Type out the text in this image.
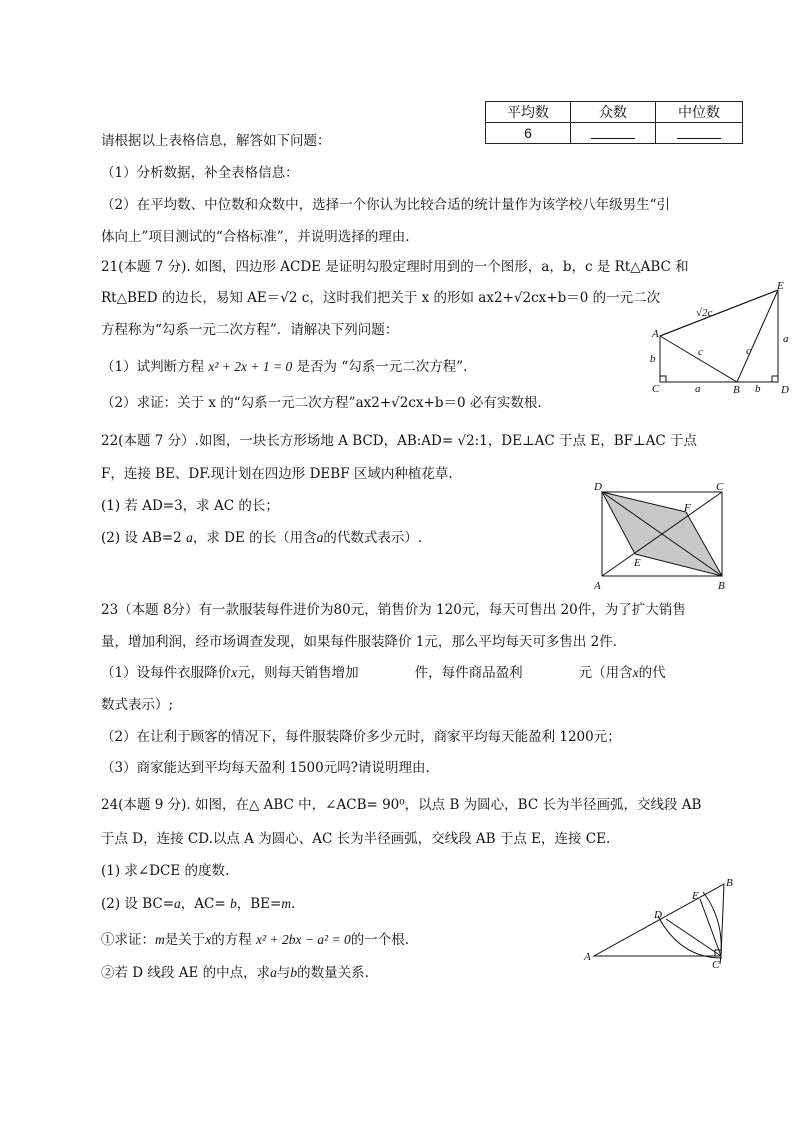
平均数	众数	中位数
6		
请根据以上表格信息，解答如下问题：
（1）分析数据，补全表格信息：
（2）在平均数、中位数和众数中，选择一个你认为比较合适的统计量作为该学校八年级男生“引
体向上”项目测试的“合格标准”，并说明选择的理由.
21(本题 7 分). 如图，四边形 ACDE 是证明勾股定理时用到的一个图形，a，b，c 是 Rt△ABC 和
Rt△BED 的边长，易知 AE＝√2 c，这时我们把关于 x 的形如 ax2+√2cx+b＝0 的一元二次
方程称为“勾系一元二次方程”．请解决下列问题：
（1）试判断方程 x² + 2x + 1 = 0 是否为 “勾系一元二次方程”.
（2）求证：关于 x 的“勾系一元二次方程”ax2+√2cx+b＝0 必有实数根.
A
C	B	D
E
b
a	b
a
c	c
√2c
22(本题 7 分）.如图，一块长方形场地 A BCD，AB:AD= √2:1，DE⊥AC 于点 E，BF⊥AC 于点
F，连接 BE、DF.现计划在四边形 DEBF 区域内种植花草.
(1) 若 AD=3，求 AC 的长；
(2) 设 AB=2 a，求 DE 的长（用含a的代数式表示）.
D	C
A	B
F
E
23（本题 8分）有一款服装每件进价为80元，销售价为 120元，每天可售出 20件，为了扩大销售
量，增加利润，经市场调查发现，如果每件服装降价 1元，那么平均每天可多售出 2件.
（1）设每件衣服降价x元，则每天销售增加	件，每件商品盈利	元（用含x的代
数式表示）;
（2）在让利于顾客的情况下，每件服装降价多少元时，商家平均每天能盈利 1200元；
（3）商家能达到平均每天盈利 1500元吗?请说明理由.
24(本题 9 分). 如图，在△ ABC 中，∠ACB= 90⁰，以点 B 为圆心，BC 长为半径画弧，交线段 AB
于点 D，连接 CD.以点 A 为圆心、AC 长为半径画弧，交线段 AB 于点 E，连接 CE.
(1) 求∠DCE 的度数.
(2) 设 BC=a，AC= b，BE=m.
①求证：m是关于x的方程 x² + 2bx − a² = 0的一个根.
②若 D 线段 AE 的中点，求a与b的数量关系.
A
B
C
D
E
